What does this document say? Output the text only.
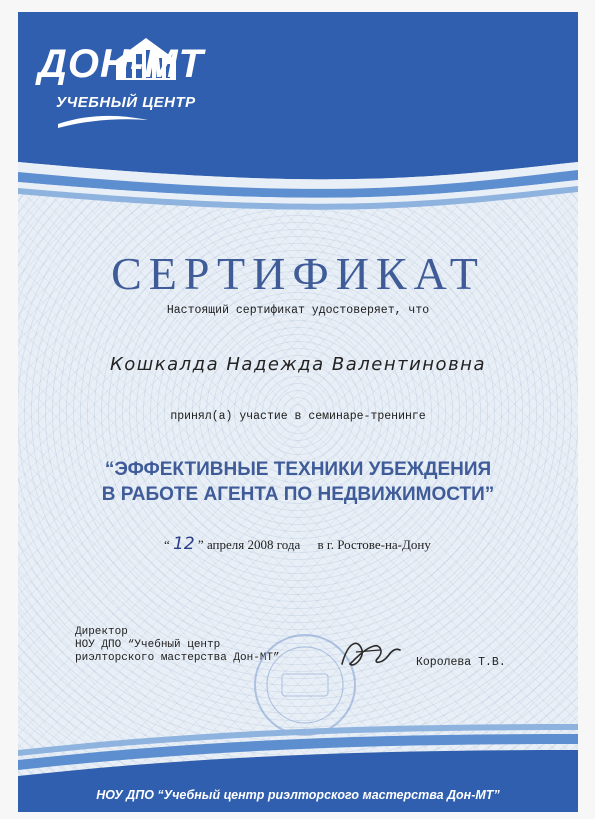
ДОН-МТ
УЧЕБНЫЙ ЦЕНТР
СЕРТИФИКАТ
Настоящий сертификат удостоверяет, что
Кошкалда Надежда Валентиновна
принял(а) участие в семинаре-тренинге
“ЭФФЕКТИВНЫЕ ТЕХНИКИ УБЕЖДЕНИЯ
В РАБОТЕ АГЕНТА ПО НЕДВИЖИМОСТИ”
“ 12 ” апреля 2008 года в г. Ростове-на-Дону
Директор
НОУ ДПО “Учебный центр
риэлторского мастерства Дон-МТ”	Королева Т.В.
НОУ ДПО “Учебный центр риэлторского мастерства Дон-МТ”
